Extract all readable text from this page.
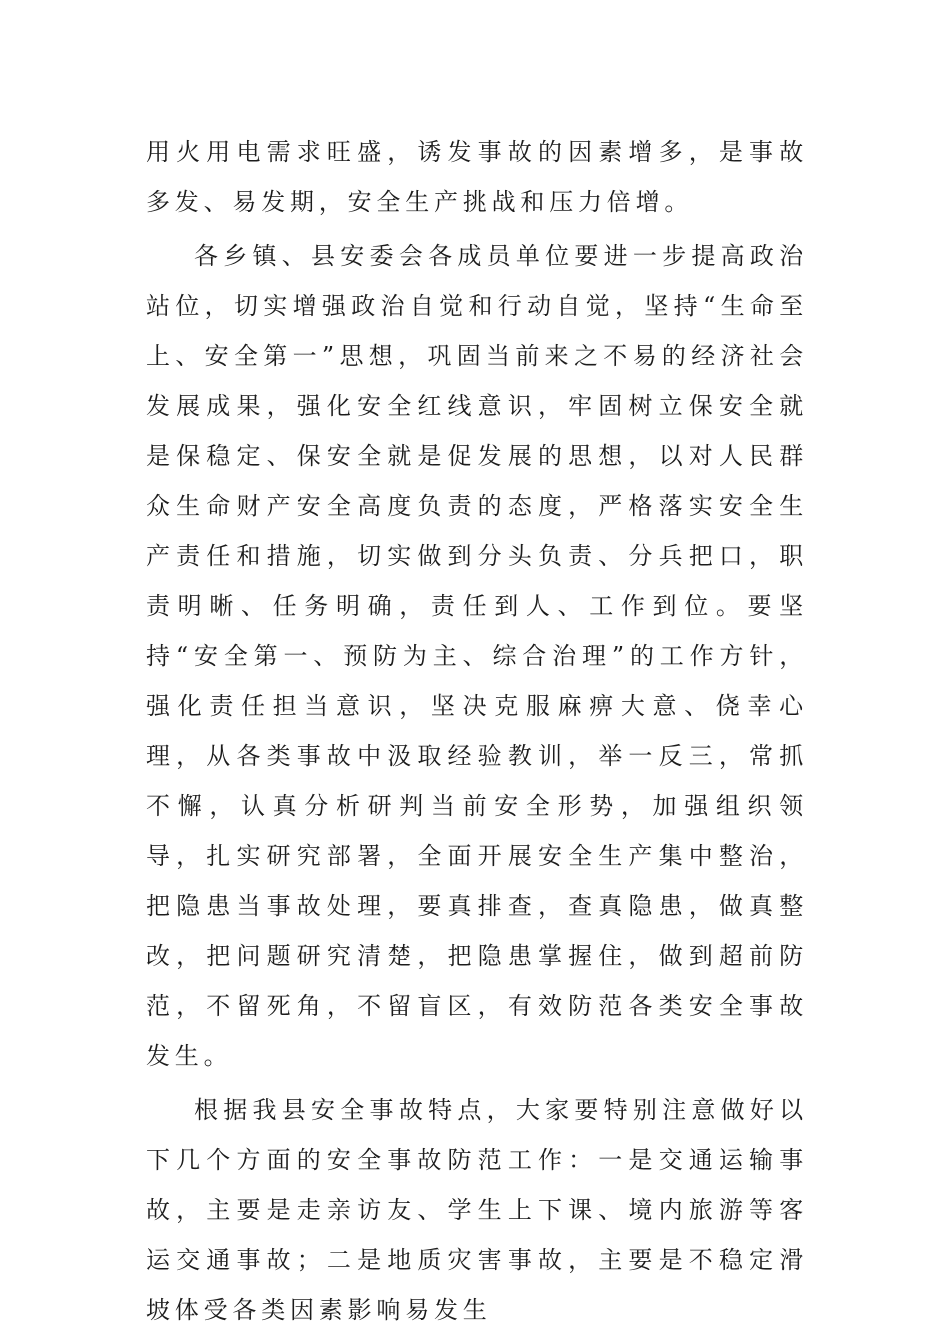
用火用电需求旺盛，诱发事故的因素增多，是事故多发、易发期，安全生产挑战和压力倍增。

各乡镇、县安委会各成员单位要进一步提高政治站位，切实增强政治自觉和行动自觉，坚持“生命至上、安全第一”思想，巩固当前来之不易的经济社会发展成果，强化安全红线意识，牢固树立保安全就是保稳定、保安全就是促发展的思想，以对人民群众生命财产安全高度负责的态度，严格落实安全生产责任和措施，切实做到分头负责、分兵把口，职责明晰、任务明确，责任到人、工作到位。要坚持“安全第一、预防为主、综合治理”的工作方针，强化责任担当意识，坚决克服麻痹大意、侥幸心理，从各类事故中汲取经验教训，举一反三，常抓不懈，认真分析研判当前安全形势，加强组织领导，扎实研究部署，全面开展安全生产集中整治，把隐患当事故处理，要真排查，查真隐患，做真整改，把问题研究清楚，把隐患掌握住，做到超前防范，不留死角，不留盲区，有效防范各类安全事故发生。

根据我县安全事故特点，大家要特别注意做好以下几个方面的安全事故防范工作：一是交通运输事故，主要是走亲访友、学生上下课、境内旅游等客运交通事故；二是地质灾害事故，主要是不稳定滑坡体受各类因素影响易发生
